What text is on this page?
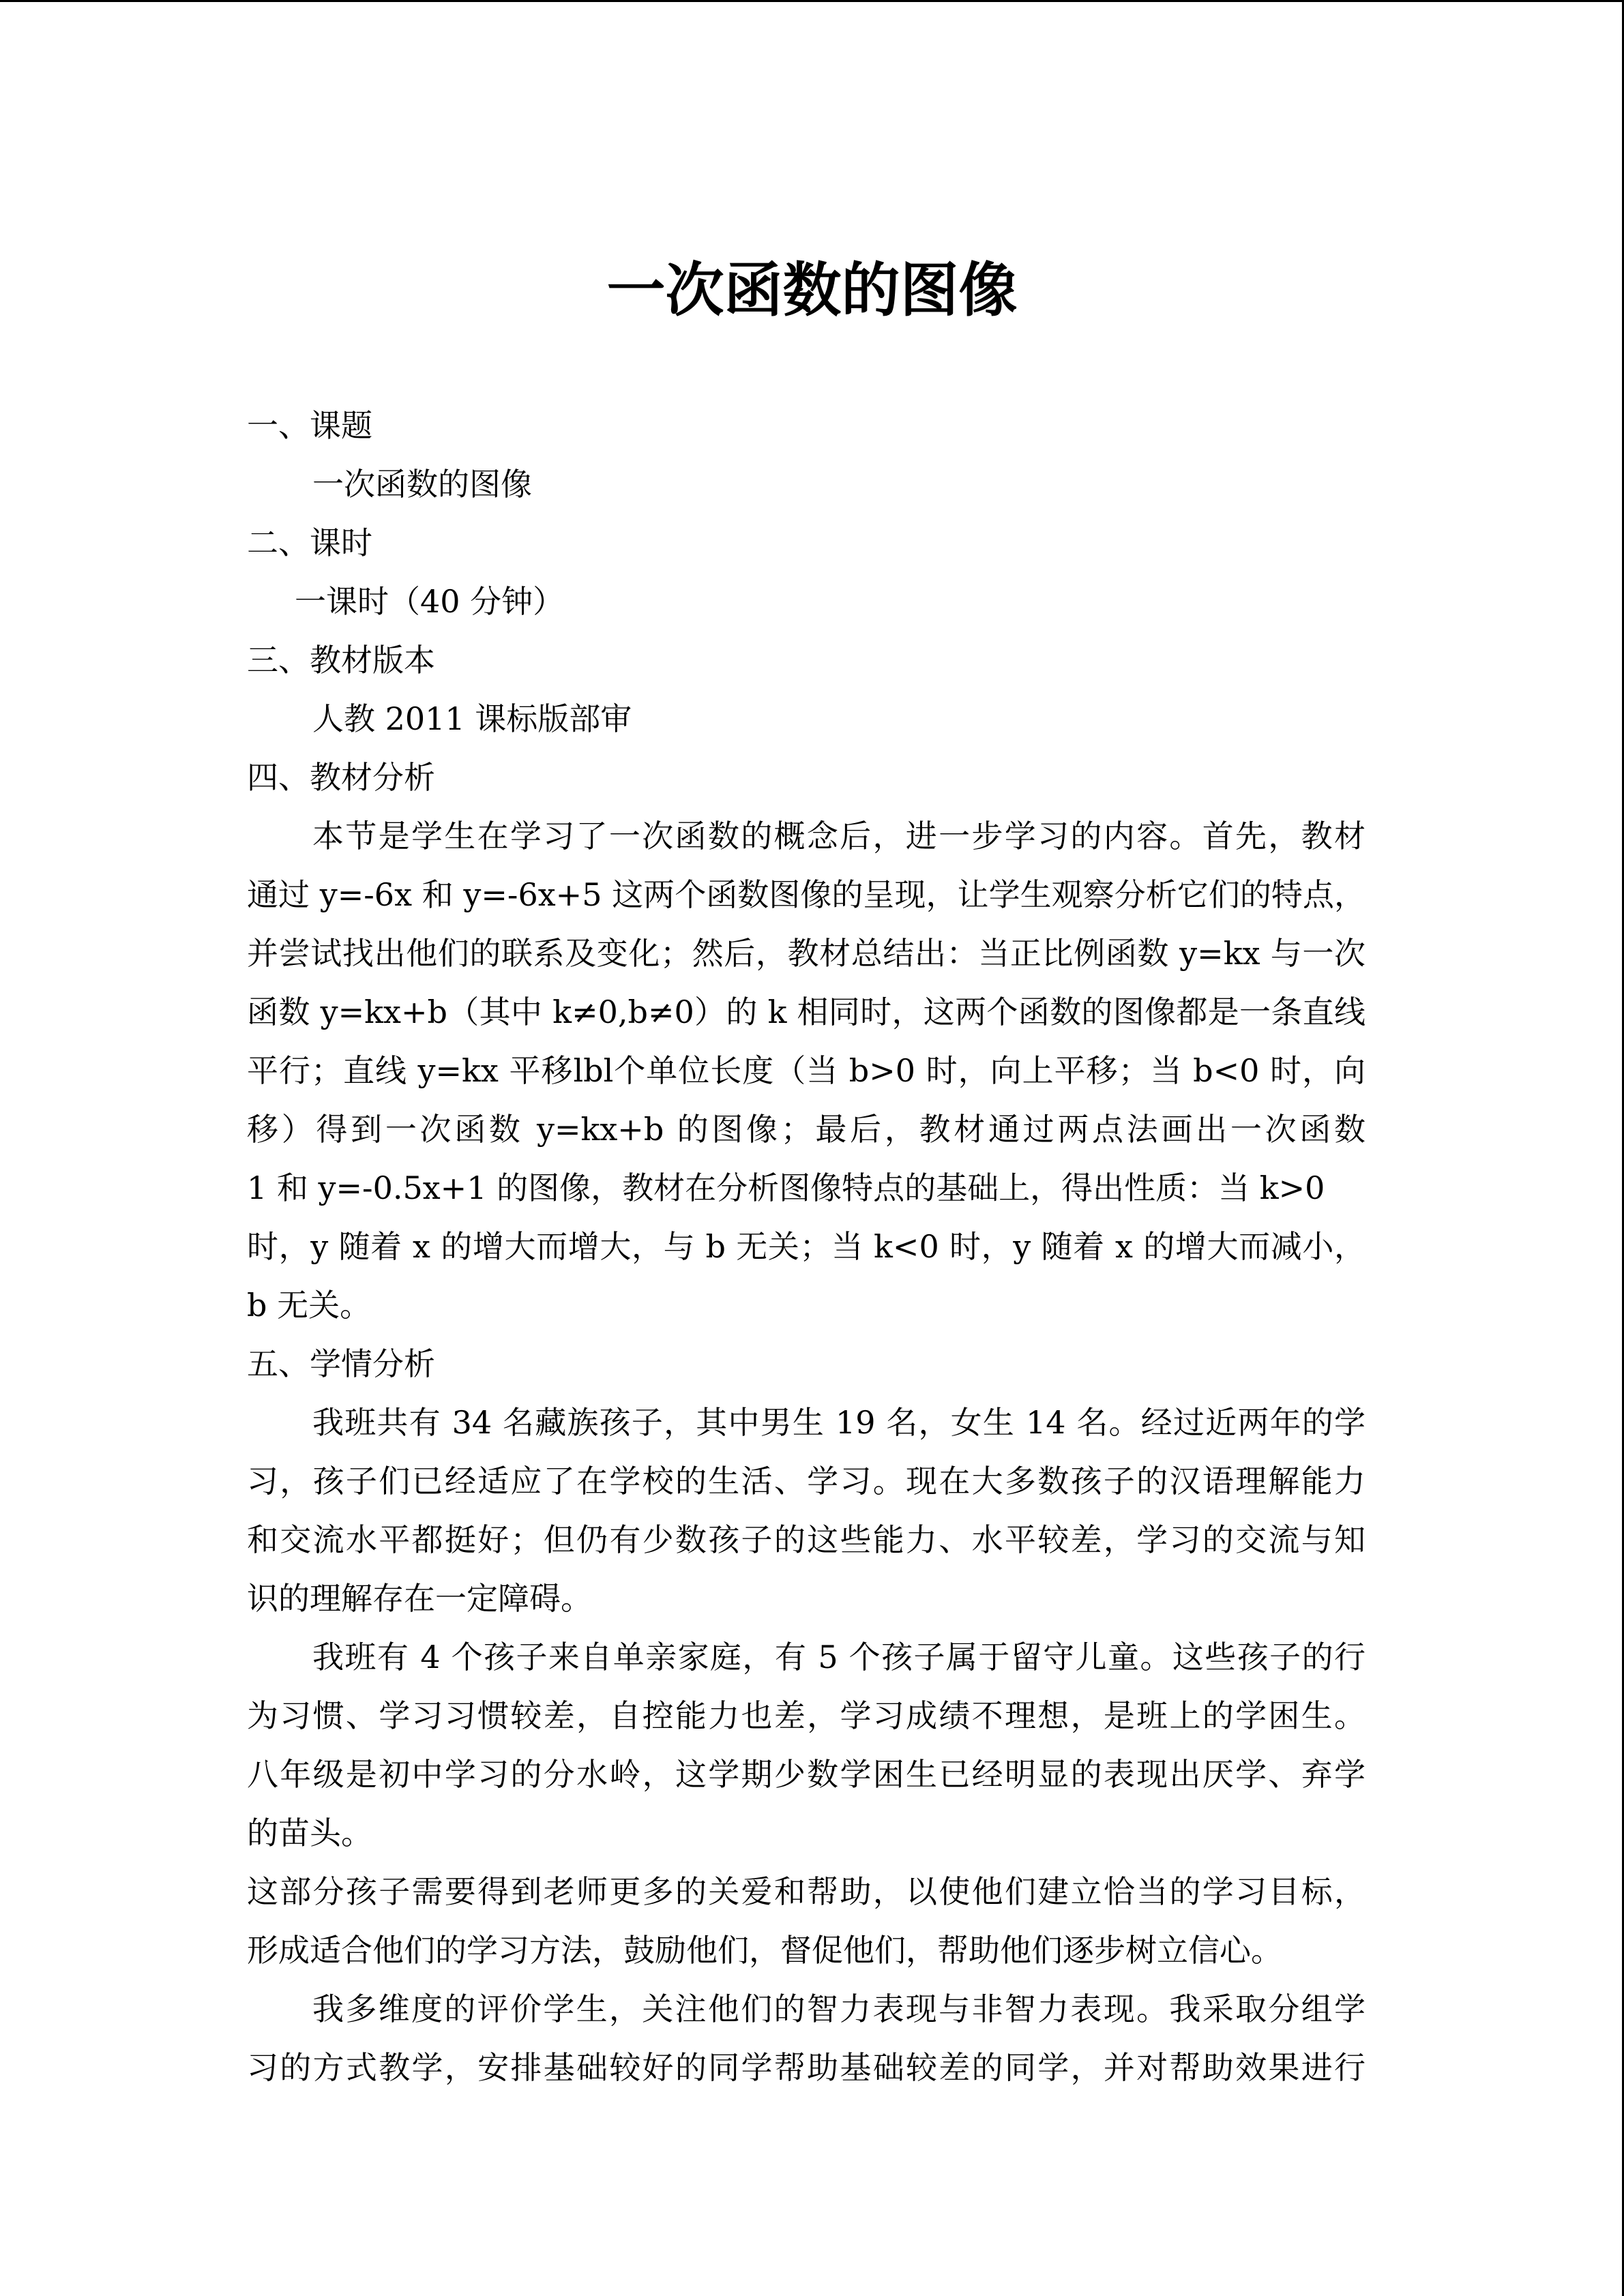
一次函数的图像
一、课题
一次函数的图像
二、课时
一课时（40 分钟）
三、教材版本
人教 2011 课标版部审
四、教材分析
本节是学生在学习了一次函数的概念后，进一步学习的内容。首先，教材
通过 y=-6x 和 y=-6x+5 这两个函数图像的呈现，让学生观察分析它们的特点，
并尝试找出他们的联系及变化；然后，教材总结出：当正比例函数 y=kx 与一次
函数 y=kx+b（其中 k≠0,b≠0）的 k 相同时，这两个函数的图像都是一条直线
平行；直线 y=kx 平移lbl个单位长度（当 b>0 时，向上平移；当 b<0 时，向
移）得到一次函数 y=kx+b 的图像；最后，教材通过两点法画出一次函数
1 和 y=-0.5x+1 的图像，教材在分析图像特点的基础上，得出性质：当 k>0
时，y 随着 x 的增大而增大，与 b 无关；当 k<0 时，y 随着 x 的增大而减小，
b 无关。
五、学情分析
我班共有 34 名藏族孩子，其中男生 19 名，女生 14 名。经过近两年的学
习，孩子们已经适应了在学校的生活、学习。现在大多数孩子的汉语理解能力
和交流水平都挺好；但仍有少数孩子的这些能力、水平较差，学习的交流与知
识的理解存在一定障碍。
我班有 4 个孩子来自单亲家庭，有 5 个孩子属于留守儿童。这些孩子的行
为习惯、学习习惯较差，自控能力也差，学习成绩不理想，是班上的学困生。
八年级是初中学习的分水岭，这学期少数学困生已经明显的表现出厌学、弃学
的苗头。
这部分孩子需要得到老师更多的关爱和帮助，以使他们建立恰当的学习目标，
形成适合他们的学习方法，鼓励他们，督促他们，帮助他们逐步树立信心。
我多维度的评价学生，关注他们的智力表现与非智力表现。我采取分组学
习的方式教学，安排基础较好的同学帮助基础较差的同学，并对帮助效果进行
